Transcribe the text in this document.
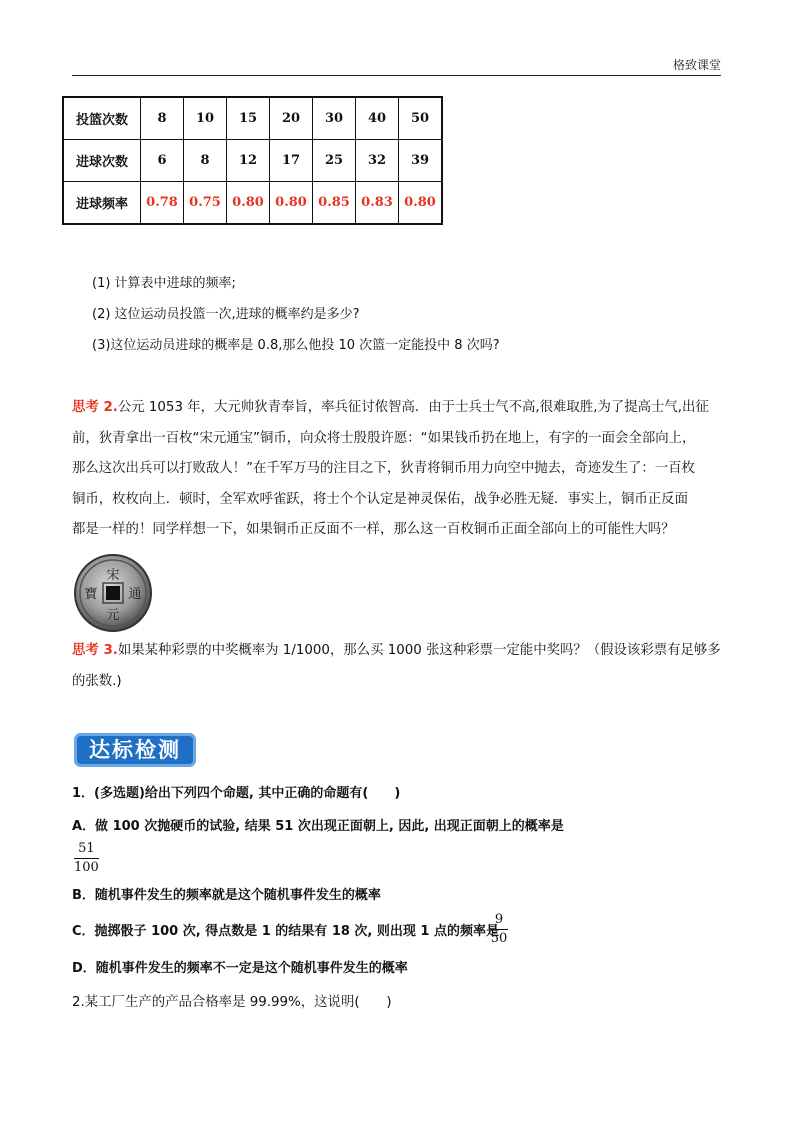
格致课堂
投篮次数	8	10	15	20	30	40	50
进球次数	6	8	12	17	25	32	39
进球频率	0.78	0.75	0.80	0.80	0.85	0.83	0.80
(1) 计算表中进球的频率;
(2) 这位运动员投篮一次,进球的概率约是多少?
(3)这位运动员进球的概率是 0.8,那么他投 10 次篮一定能投中 8 次吗?
思考 2.公元 1053 年，大元帅狄青奉旨，率兵征讨侬智高．由于士兵士气不高,很难取胜,为了提高士气,出征
前，狄青拿出一百枚“宋元通宝”铜币，向众将士殷殷许愿：“如果钱币扔在地上，有字的一面会全部向上，
那么这次出兵可以打败敌人！”在千军万马的注目之下，狄青将铜币用力向空中抛去，奇迹发生了：一百枚
铜币，枚枚向上．顿时，全军欢呼雀跃，将士个个认定是神灵保佑，战争必胜无疑．事实上，铜币正反面
都是一样的！同学样想一下，如果铜币正反面不一样，那么这一百枚铜币正面全部向上的可能性大吗？
宋
通
寶
元
思考 3.如果某种彩票的中奖概率为 1/1000，那么买 1000 张这种彩票一定能中奖吗？（假设该彩票有足够多
的张数.)
达标检测
1．(多选题)给出下列四个命题, 其中正确的命题有(　　)
A．做 100 次抛硬币的试验, 结果 51 次出现正面朝上, 因此, 出现正面朝上的概率是
$\frac{51}{100}$
B．随机事件发生的频率就是这个随机事件发生的概率
C．抛掷骰子 100 次, 得点数是 1 的结果有 18 次, 则出现 1 点的频率是
$\frac{9}{50}$
D．随机事件发生的频率不一定是这个随机事件发生的概率
2.某工厂生产的产品合格率是 99.99%，这说明(　　)
